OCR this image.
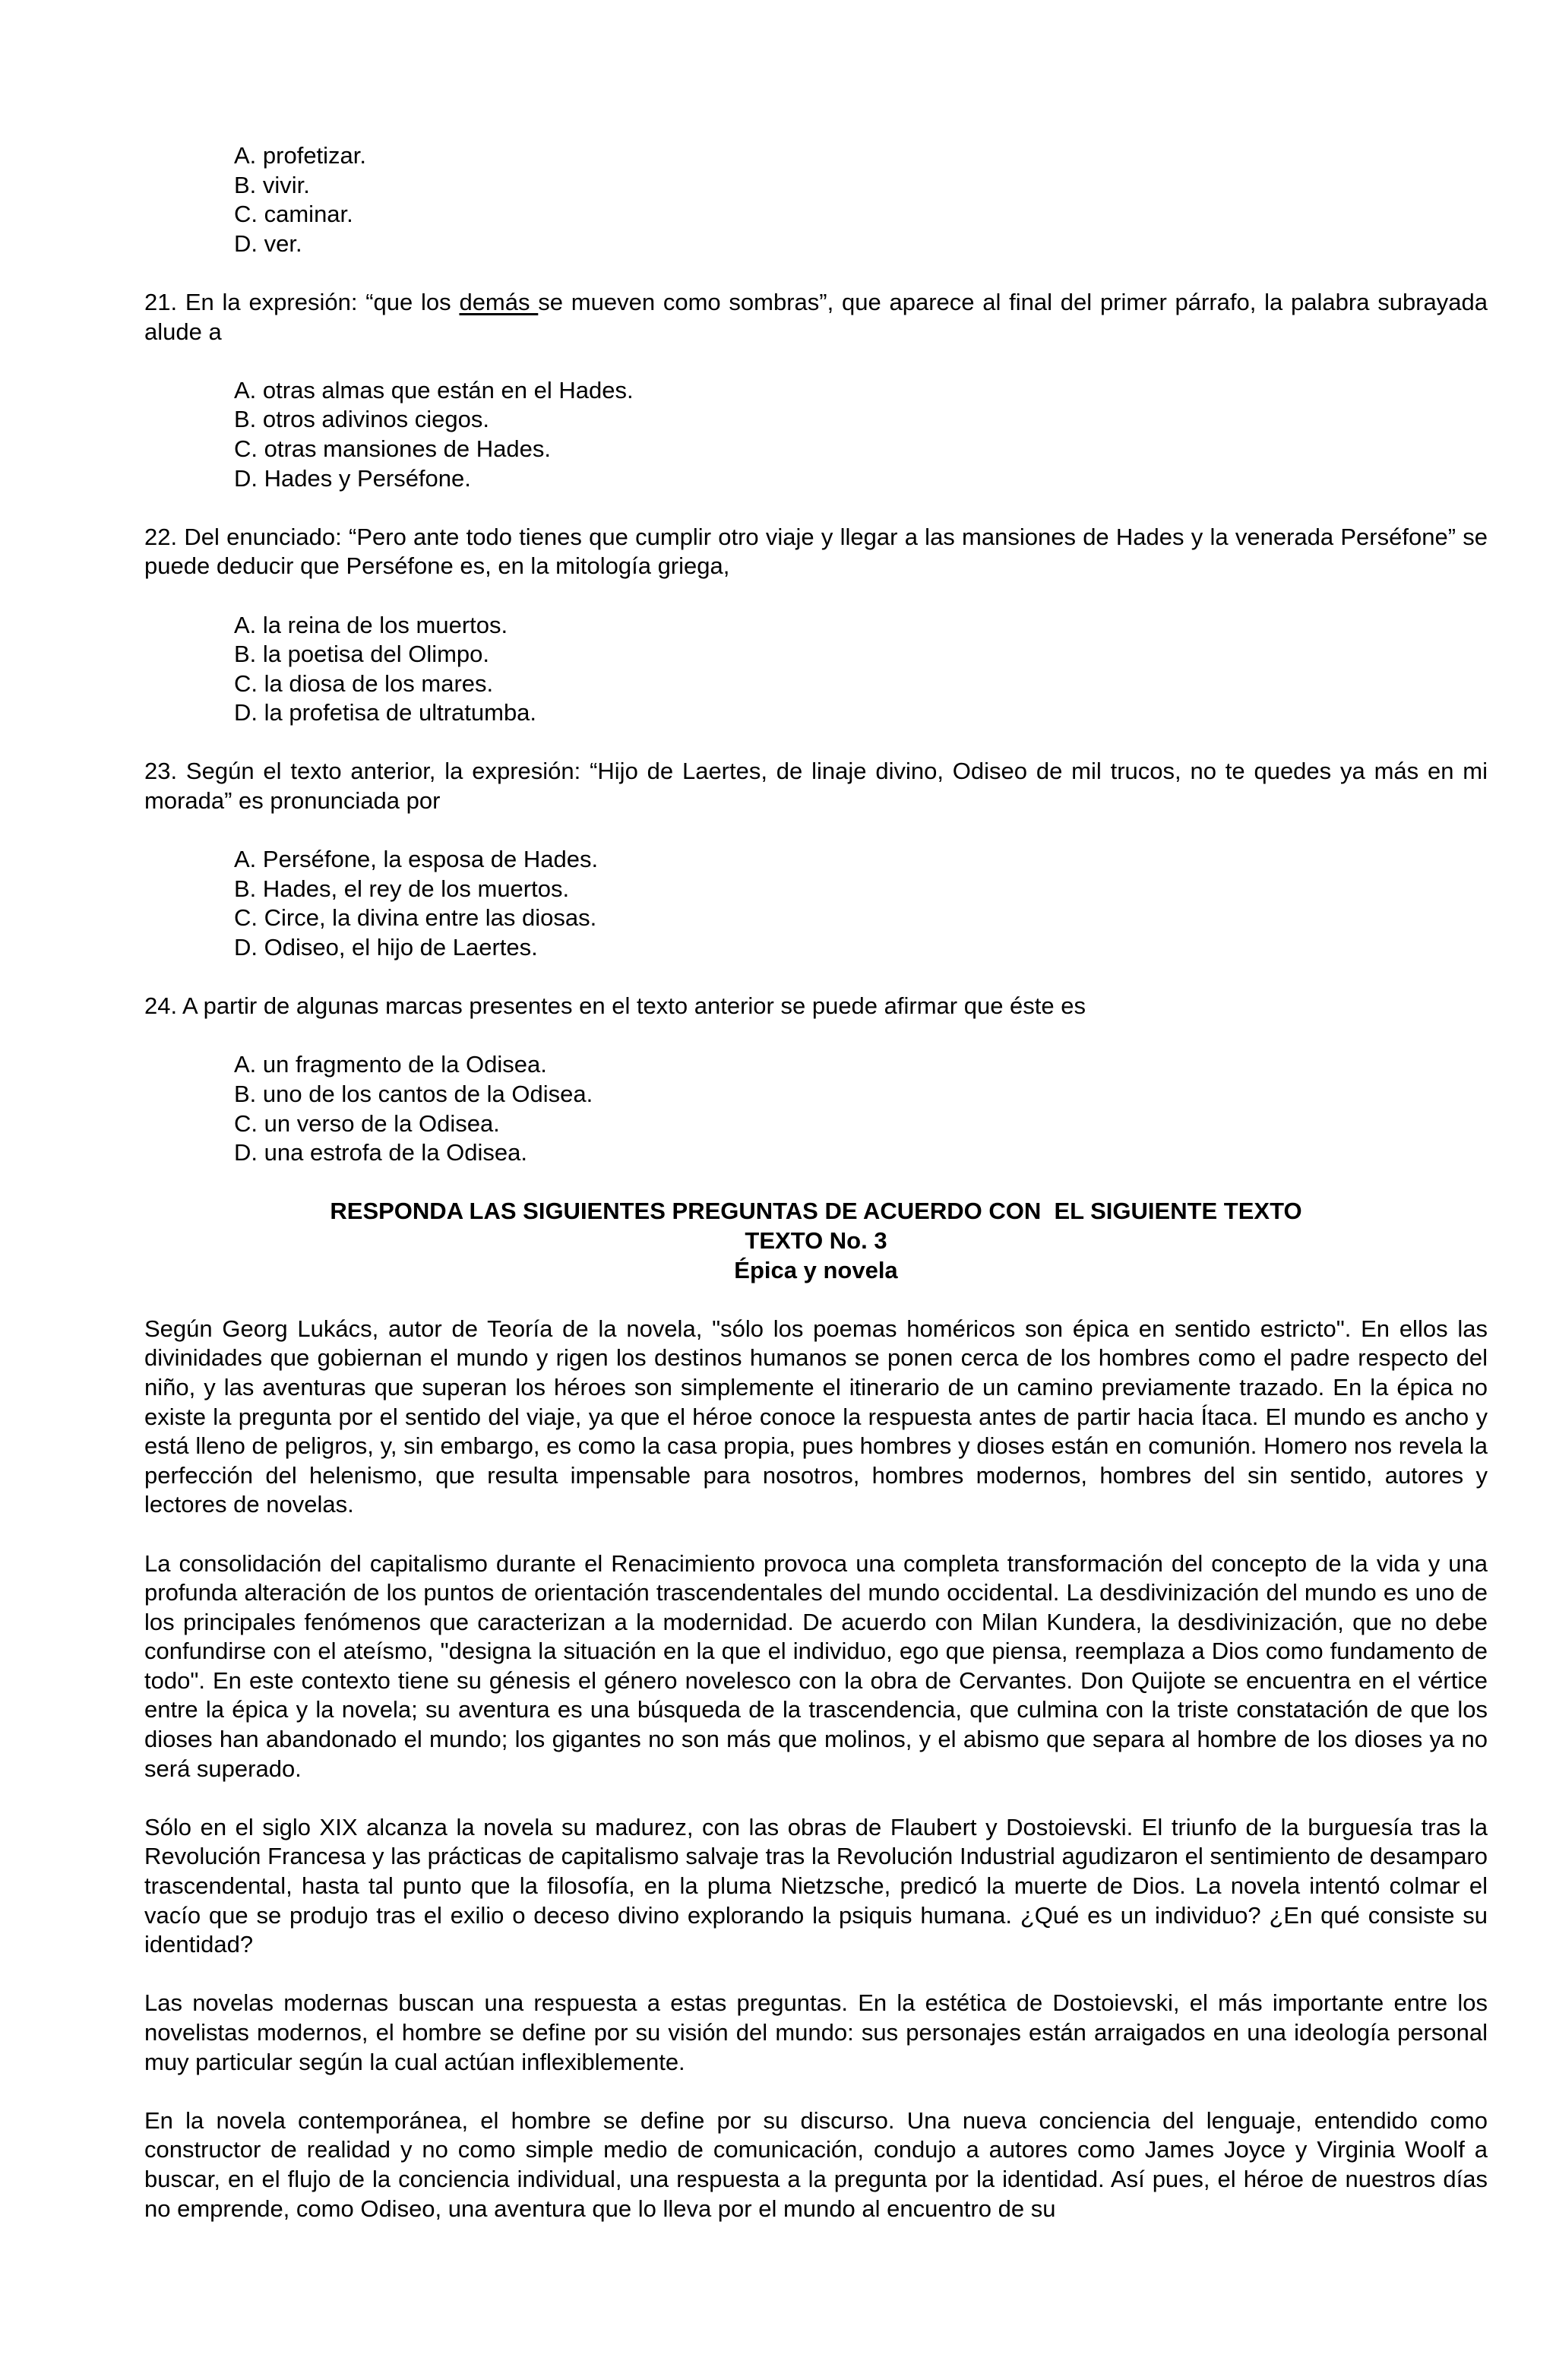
A. profetizar.
B. vivir.
C. caminar.
D. ver.

21. En la expresión: “que los demás se mueven como sombras”, que aparece al final del primer párrafo, la palabra subrayada alude a

A. otras almas que están en el Hades.
B. otros adivinos ciegos.
C. otras mansiones de Hades.
D. Hades y Perséfone.

22. Del enunciado: “Pero ante todo tienes que cumplir otro viaje y llegar a las mansiones de Hades y la venerada Perséfone” se puede deducir que Perséfone es, en la mitología griega,

A. la reina de los muertos.
B. la poetisa del Olimpo.
C. la diosa de los mares.
D. la profetisa de ultratumba.

23. Según el texto anterior, la expresión: “Hijo de Laertes, de linaje divino, Odiseo de mil trucos, no te quedes ya más en mi morada” es pronunciada por

A. Perséfone, la esposa de Hades.
B. Hades, el rey de los muertos.
C. Circe, la divina entre las diosas.
D. Odiseo, el hijo de Laertes.

24. A partir de algunas marcas presentes en el texto anterior se puede afirmar que éste es

A. un fragmento de la Odisea.
B. uno de los cantos de la Odisea.
C. un verso de la Odisea.
D. una estrofa de la Odisea.

RESPONDA LAS SIGUIENTES PREGUNTAS DE ACUERDO CON  EL SIGUIENTE TEXTO

TEXTO No. 3

Épica y novela

Según Georg Lukács, autor de Teoría de la novela, "sólo los poemas homéricos son épica en sentido estricto". En ellos las divinidades que gobiernan el mundo y rigen los destinos humanos se ponen cerca de los hombres como el padre respecto del niño, y las aventuras que superan los héroes son simplemente el itinerario de un camino previamente trazado. En la épica no existe la pregunta por el sentido del viaje, ya que el héroe conoce la respuesta antes de partir hacia Ítaca. El mundo es ancho y está lleno de peligros, y, sin embargo, es como la casa propia, pues hombres y dioses están en comunión. Homero nos revela la perfección del helenismo, que resulta impensable para nosotros, hombres modernos, hombres del sin sentido, autores y lectores de novelas.

La consolidación del capitalismo durante el Renacimiento provoca una completa transformación del concepto de la vida y una profunda alteración de los puntos de orientación trascendentales del mundo occidental. La desdivinización del mundo es uno de los principales fenómenos que caracterizan a la modernidad. De acuerdo con Milan Kundera, la desdivinización, que no debe confundirse con el ateísmo, "designa la situación en la que el individuo, ego que piensa, reemplaza a Dios como fundamento de todo". En este contexto tiene su génesis el género novelesco con la obra de Cervantes. Don Quijote se encuentra en el vértice entre la épica y la novela; su aventura es una búsqueda de la trascendencia, que culmina con la triste constatación de que los dioses han abandonado el mundo; los gigantes no son más que molinos, y el abismo que separa al hombre de los dioses ya no será superado.

Sólo en el siglo XIX alcanza la novela su madurez, con las obras de Flaubert y Dostoievski. El triunfo de la burguesía tras la Revolución Francesa y las prácticas de capitalismo salvaje tras la Revolución Industrial agudizaron el sentimiento de desamparo trascendental, hasta tal punto que la filosofía, en la pluma Nietzsche, predicó la muerte de Dios. La novela intentó colmar el vacío que se produjo tras el exilio o deceso divino explorando la psiquis humana. ¿Qué es un individuo? ¿En qué consiste su identidad?

Las novelas modernas buscan una respuesta a estas preguntas. En la estética de Dostoievski, el más importante entre los novelistas modernos, el hombre se define por su visión del mundo: sus personajes están arraigados en una ideología personal muy particular según la cual actúan inflexiblemente.

En la novela contemporánea, el hombre se define por su discurso. Una nueva conciencia del lenguaje, entendido como constructor de realidad y no como simple medio de comunicación, condujo a autores como James Joyce y Virginia Woolf a buscar, en el flujo de la conciencia individual, una respuesta a la pregunta por la identidad. Así pues, el héroe de nuestros días no emprende, como Odiseo, una aventura que lo lleva por el mundo al encuentro de su
